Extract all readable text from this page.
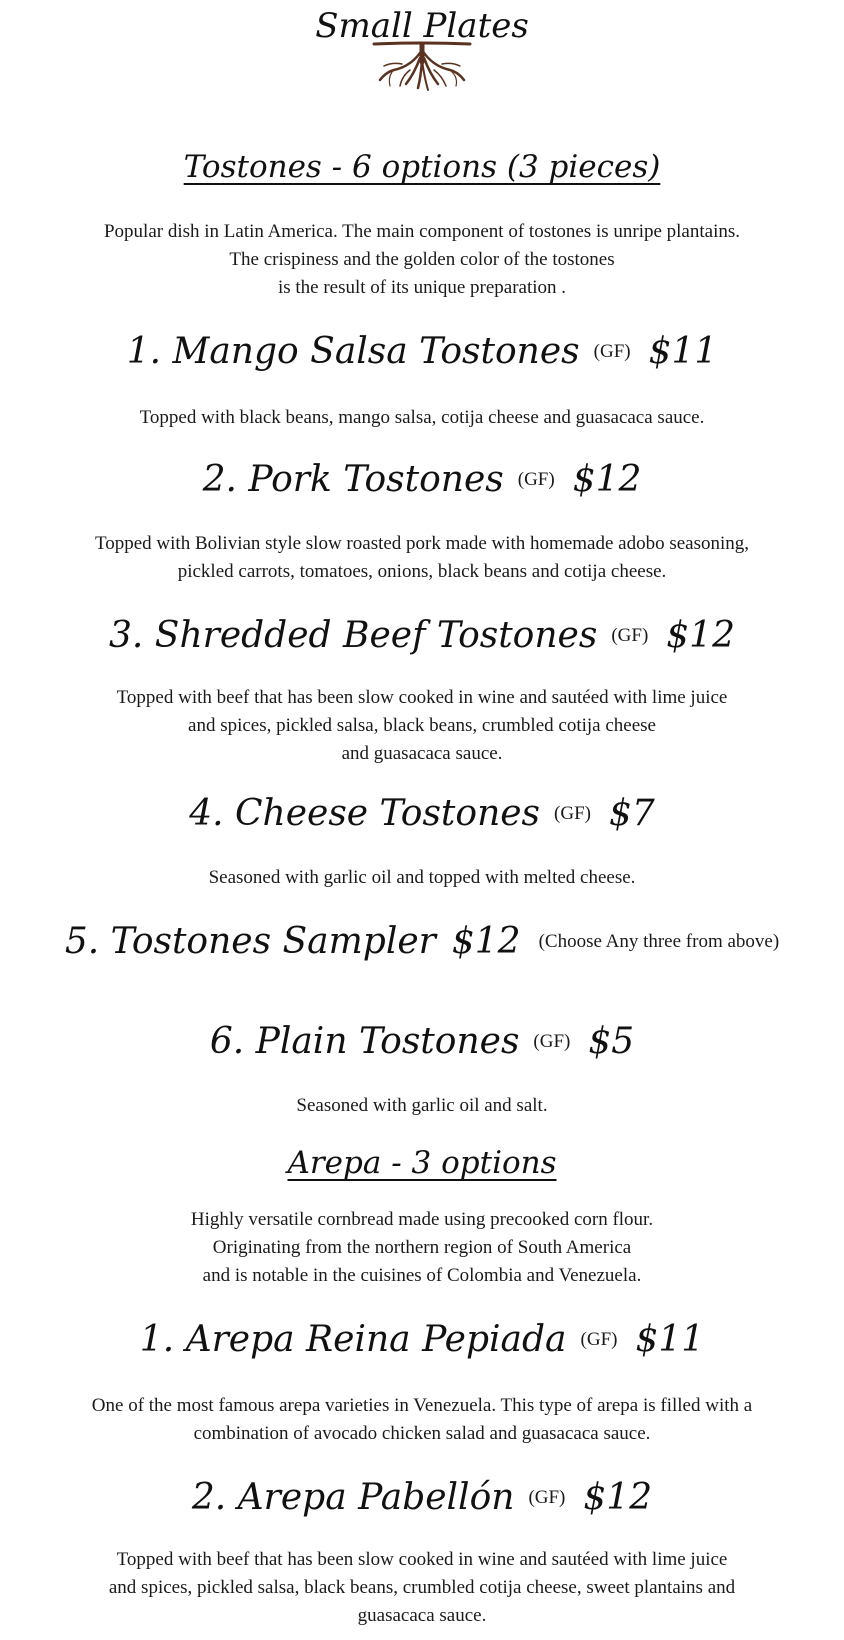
Small Plates
Tostones - 6 options (3 pieces)
Popular dish in Latin America. The main component of tostones is unripe plantains.
The crispiness and the golden color of the tostones
is the result of its unique preparation .
1. Mango Salsa Tostones (GF) $11
Topped with black beans, mango salsa, cotija cheese and guasacaca sauce.
2. Pork Tostones (GF) $12
Topped with Bolivian style slow roasted pork made with homemade adobo seasoning,
pickled carrots, tomatoes, onions, black beans and cotija cheese.
3. Shredded Beef Tostones (GF) $12
Topped with beef that has been slow cooked in wine and sautéed with lime juice
and spices, pickled salsa, black beans, crumbled cotija cheese
and guasacaca sauce.
4. Cheese Tostones (GF) $7
Seasoned with garlic oil and topped with melted cheese.
5. Tostones Sampler $12 (Choose Any three from above)
6. Plain Tostones (GF) $5
Seasoned with garlic oil and salt.
Arepa - 3 options
Highly versatile cornbread made using precooked corn flour.
Originating from the northern region of South America
and is notable in the cuisines of Colombia and Venezuela.
1. Arepa Reina Pepiada (GF) $11
One of the most famous arepa varieties in Venezuela. This type of arepa is filled with a
combination of avocado chicken salad and guasacaca sauce.
2. Arepa Pabellón (GF) $12
Topped with beef that has been slow cooked in wine and sautéed with lime juice
and spices, pickled salsa, black beans, crumbled cotija cheese, sweet plantains and
guasacaca sauce.
